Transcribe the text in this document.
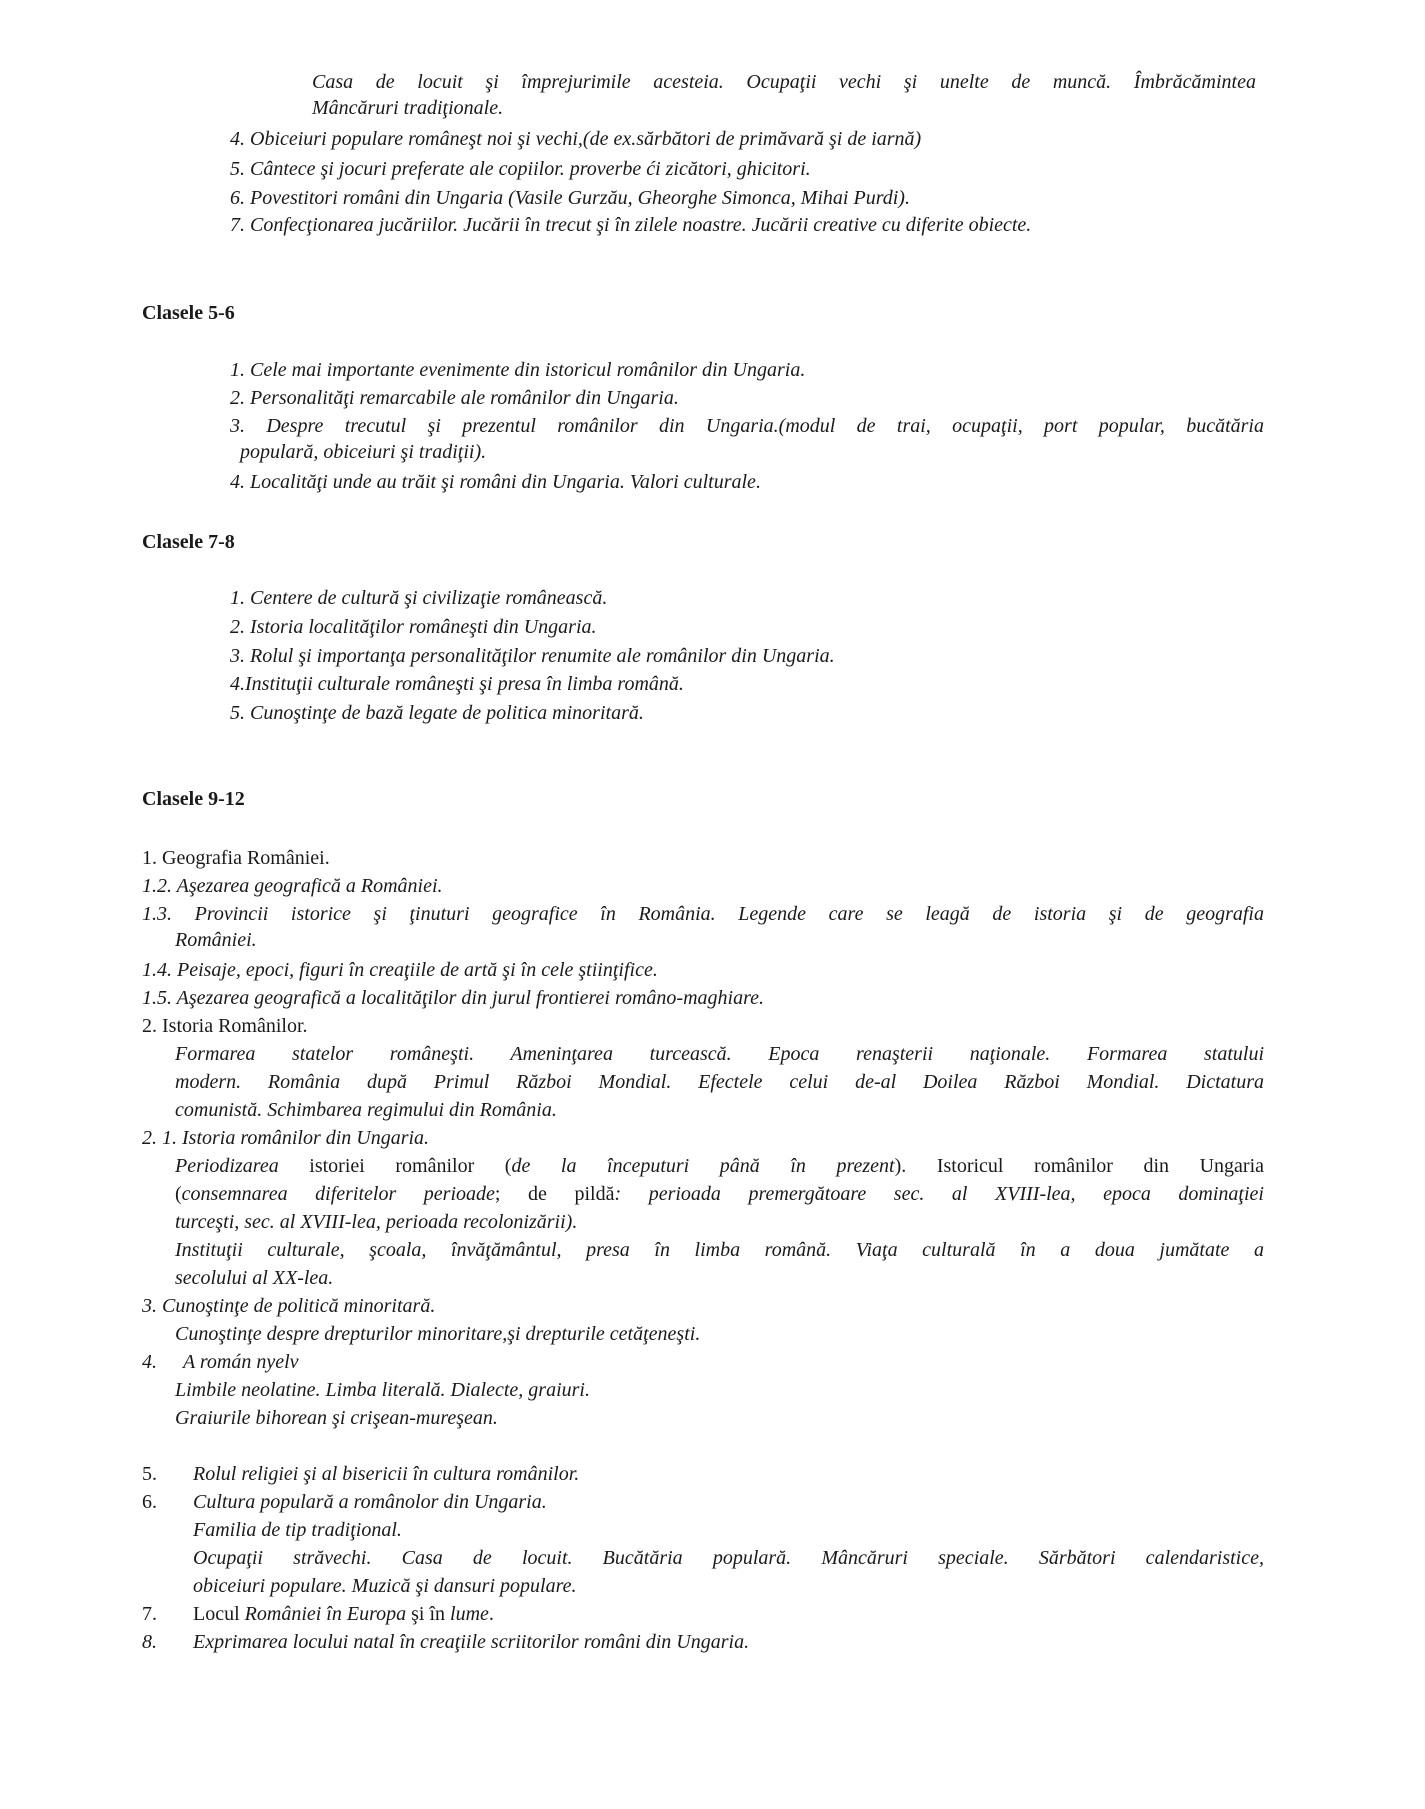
Casa de locuit şi împrejurimile acesteia. Ocupaţii vechi şi unelte de muncă. Îmbrăcămintea
Mâncăruri tradiţionale.
4. Obiceiuri populare româneşt noi şi vechi,(de ex.sărbători de primăvară şi de iarnă)
5. Cântece şi jocuri preferate ale copiilor. proverbe ći zicători, ghicitori.
6. Povestitori români din Ungaria (Vasile Gurzău, Gheorghe Simonca, Mihai Purdi).
7. Confecţionarea jucăriilor. Jucării în trecut şi în zilele noastre. Jucării creative cu diferite obiecte.
Clasele 5-6
1. Cele mai importante evenimente din istoricul românilor din Ungaria.
2. Personalităţi remarcabile ale românilor din Ungaria.
3. Despre trecutul şi prezentul românilor din Ungaria.(modul de trai, ocupaţii, port popular, bucătăria
populară, obiceiuri şi tradiţii).
4. Localităţi unde au trăit şi români din Ungaria. Valori culturale.
Clasele 7-8
1. Centere de cultură şi civilizaţie românească.
2. Istoria localităţilor româneşti din Ungaria.
3. Rolul şi importanţa personalităţilor renumite ale românilor din Ungaria.
4.Instituţii culturale româneşti şi presa în limba română.
5. Cunoştinţe de bază legate de politica minoritară.
Clasele 9-12
1. Geografia României.
1.2. Aşezarea geografică a României.
1.3. Provincii istorice şi ţinuturi geografice în România. Legende care se leagă de istoria şi de geografia
României.
1.4. Peisaje, epoci, figuri în creaţiile de artă şi în cele ştiinţifice.
1.5. Aşezarea geografică a localităţilor din jurul frontierei româno-maghiare.
2. Istoria Românilor.
Formarea statelor româneşti. Ameninţarea turcească. Epoca renaşterii naţionale. Formarea statului
modern. România după Primul Război Mondial. Efectele celui de-al Doilea Război Mondial. Dictatura
comunistă. Schimbarea regimului din România.
2. 1. Istoria românilor din Ungaria.
Periodizarea istoriei românilor (de la începuturi până în prezent). Istoricul românilor din Ungaria
(consemnarea diferitelor perioade; de pildă: perioada premergătoare sec. al XVIII-lea, epoca dominaţiei
turceşti, sec. al XVIII-lea, perioada recolonizării).
Instituţii culturale, şcoala, învăţământul, presa în limba română. Viaţa culturală în a doua jumătate a
secolului al XX-lea.
3. Cunoştinţe de politică minoritară.
Cunoştinţe despre drepturilor minoritare,şi drepturile cetăţeneşti.
4. A román nyelv
Limbile neolatine. Limba literală. Dialecte, graiuri.
Graiurile bihorean şi crişean-mureşean.
5. Rolul religiei şi al bisericii în cultura românilor.
6. Cultura populară a românolor din Ungaria.
Familia de tip tradiţional.
Ocupaţii străvechi. Casa de locuit. Bucătăria populară. Mâncăruri speciale. Sărbători calendaristice,
obiceiuri populare. Muzică şi dansuri populare.
7. Locul României în Europa şi în lume.
8. Exprimarea locului natal în creaţiile scriitorilor români din Ungaria.
